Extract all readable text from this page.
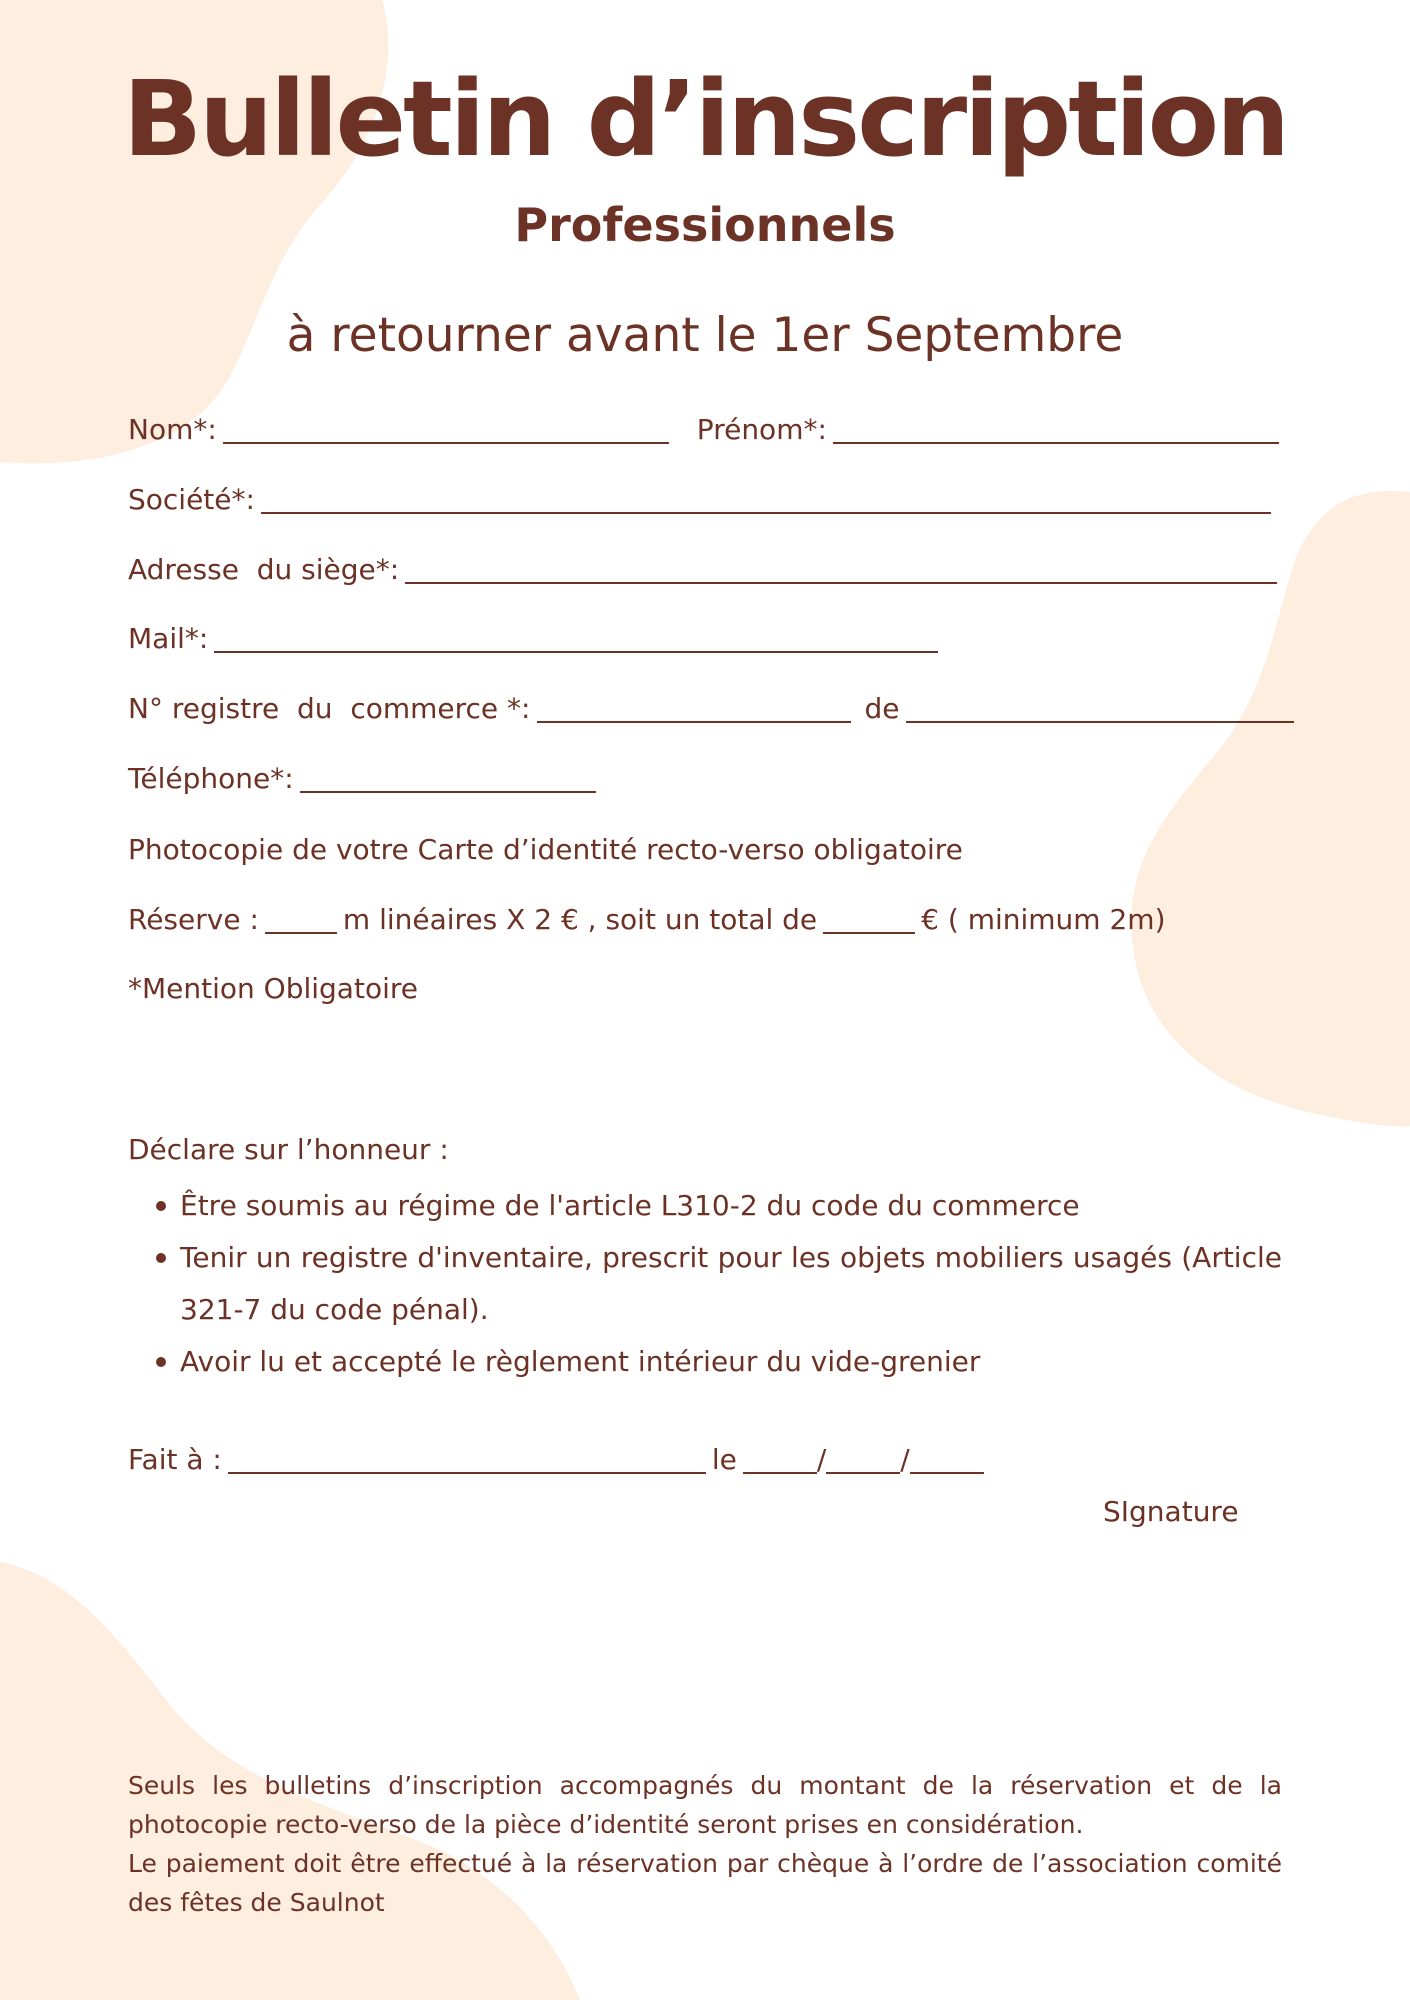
Bulletin d’inscription
Professionnels

à retourner avant le 1er Septembre

Nom*:	Prénom*:
Société*:
Adresse  du siège*:
Mail*:
N° registre  du  commerce *:	de
Téléphone*:

Photocopie de votre Carte d’identité recto-verso obligatoire

Réserve :	m linéaires X 2 € , soit un total de	€ ( minimum 2m)

*Mention Obligatoire

Déclare sur l’honneur :

Être soumis au régime de l'article L310-2 du code du commerce
Tenir un registre d'inventaire, prescrit pour les objets mobiliers usagés (Article 321-7 du code pénal).
Avoir lu et accepté le règlement intérieur du vide-grenier
Fait à :	le	/	/

SIgnature

Seuls les bulletins d’inscription accompagnés du montant de la réservation et de la photocopie recto-verso de la pièce d’identité seront prises en considération.

Le paiement doit être effectué à la réservation par chèque à l’ordre de l’association comité des fêtes de Saulnot
